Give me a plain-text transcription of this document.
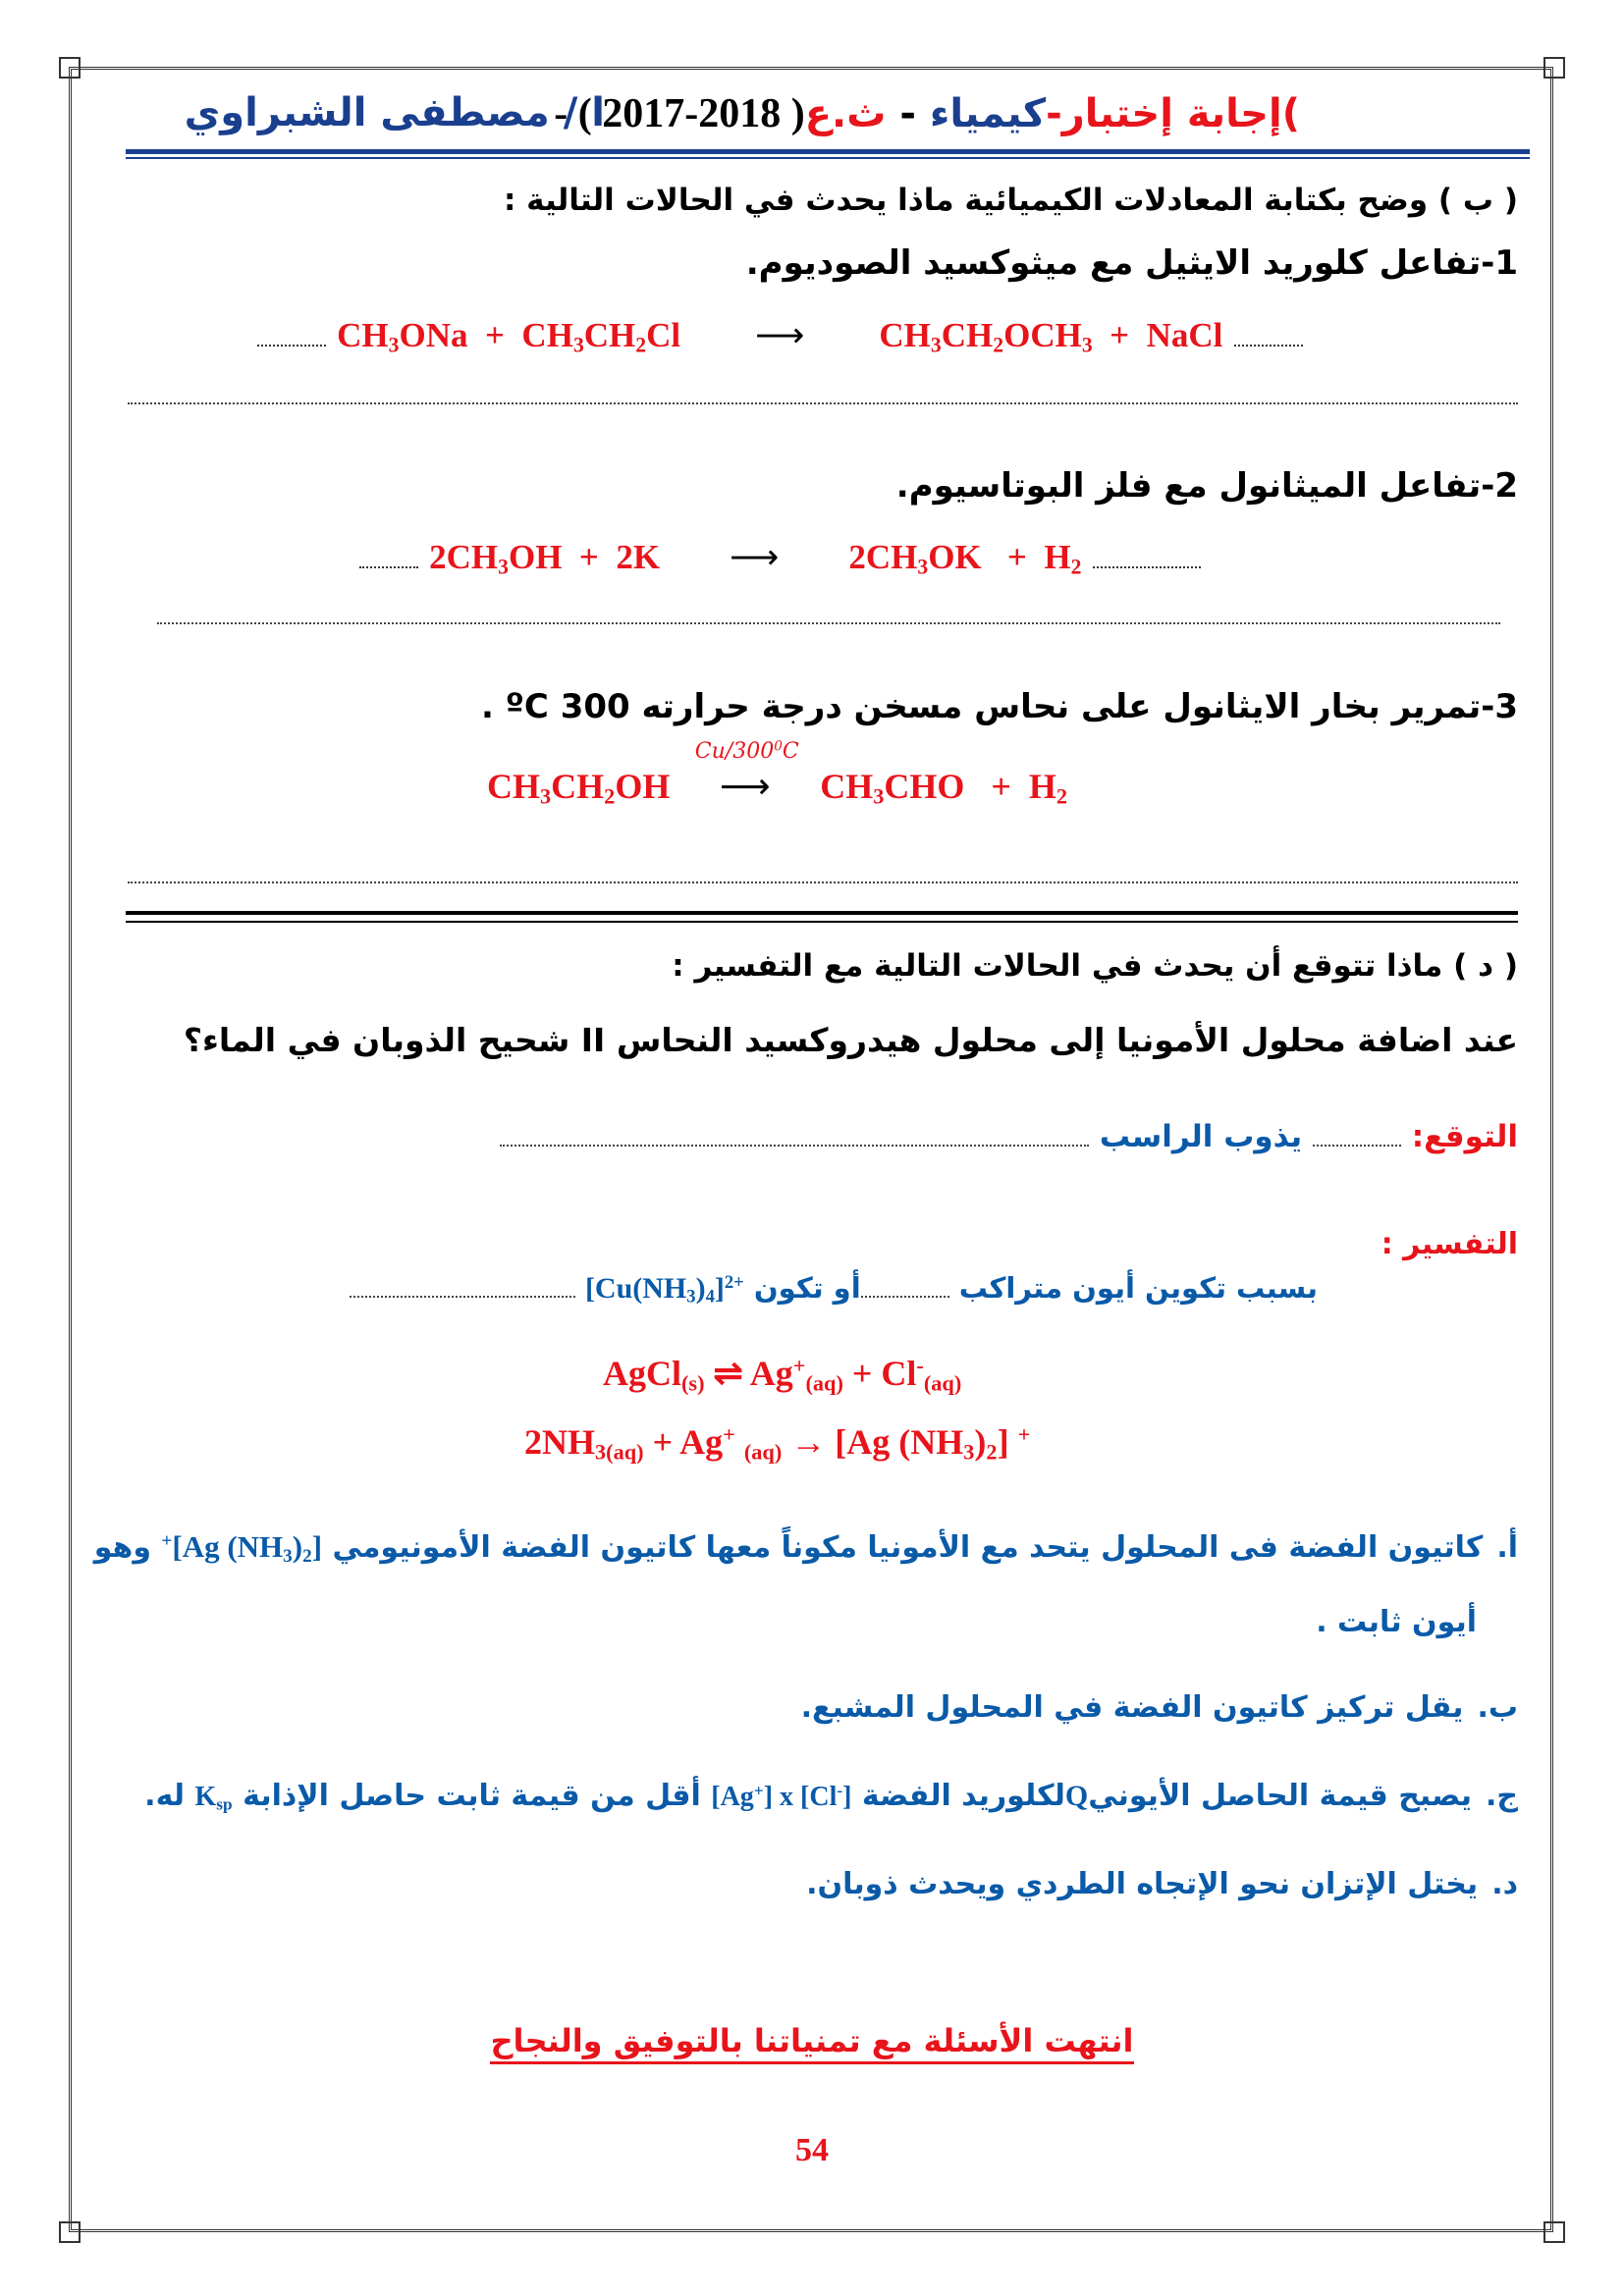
ا / مصطفى الشبراوي	)إجابة إختبار-كيمياء - ث.ع - ( 2017-2018 )
( ب ) وضح بكتابة المعادلات الكيميائية ماذا يحدث في الحالات التالية :
1-تفاعل كلوريد الايثيل مع ميثوكسيد الصوديوم.
$CH_3ONa + CH_3CH_2Cl$ ⟶ $CH_3CH_2OCH_3$  +  NaCl
2-تفاعل الميثانول مع فلز البوتاسيوم.
$2CH_3OH + 2K$ ⟶ $2CH_3OK + H_2$
3-تمرير بخار الايثانول على نحاس مسخن درجة حرارته 300 ºC .
$CH_3CH_2OH$
$Cu/300^0C$
⟶ $CH_3CHO + H_2$
( د ) ماذا تتوقع أن يحدث في الحالات التالية مع التفسير :
عند اضافة محلول الأمونيا إلى محلول هيدروكسيد النحاس II شحيح الذوبان في الماء؟
التوقع:  يذوب الراسب
التفسير :
بسبب تكوين أيون متراكب أو تكون $[Cu(NH_3)_4]^{2+}$
AgCl$_{(s)}$ ⇌ $Ag^+_{(aq)} + Cl^-_{(aq)}$
$2NH_{3(aq)} + Ag^+$ $_{(aq)}$ → [Ag $(NH_3)_2$] +
أ.كاتيون الفضة فى المحلول يتحد مع الأمونيا مكوناً معها كاتيون الفضة الأمونيومي +[Ag $(NH_3)_2$] وهو
أيون ثابت .
ب.يقل تركيز كاتيون الفضة في المحلول المشبع.
ج.يصبح قيمة الحاصل الأيونيQلكلوريد الفضة [Ag+] x [Cl-] أقل من قيمة ثابت حاصل الإذابة $K_{sp}$ له.
د.يختل الإتزان نحو الإتجاه الطردي ويحدث ذوبان.
انتهت الأسئلة مع تمنياتنا بالتوفيق والنجاح
54
